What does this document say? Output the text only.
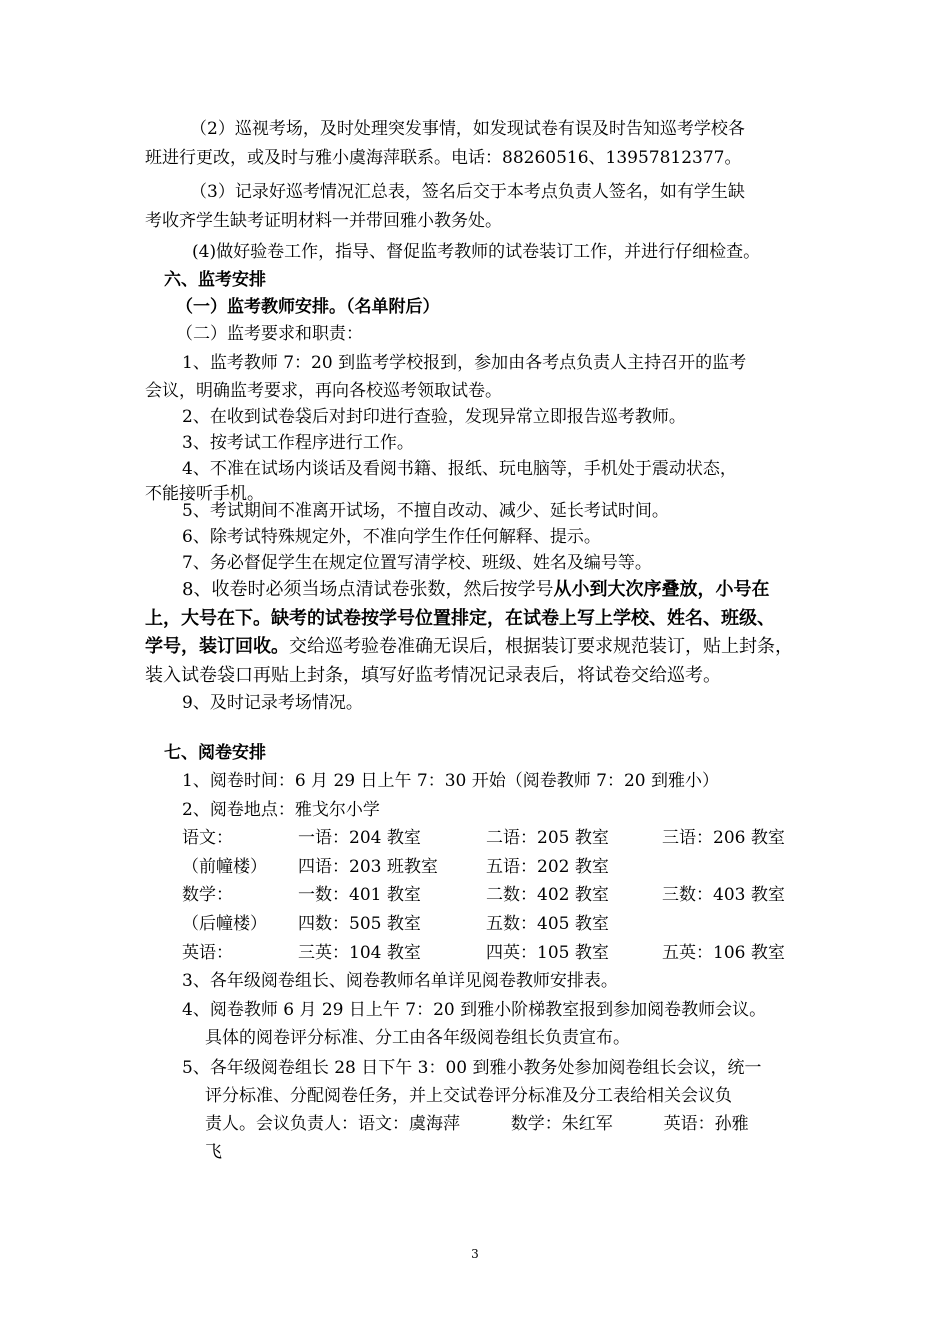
（2）巡视考场，及时处理突发事情，如发现试卷有误及时告知巡考学校各
班进行更改，或及时与雅小虞海萍联系。电话：88260516、13957812377。
（3）记录好巡考情况汇总表，签名后交于本考点负责人签名，如有学生缺
考收齐学生缺考证明材料一并带回雅小教务处。
(4)做好验卷工作，指导、督促监考教师的试卷装订工作，并进行仔细检查。
六、监考安排
（一）监考教师安排。（名单附后）
（二）监考要求和职责：
1、监考教师 7：20 到监考学校报到，参加由各考点负责人主持召开的监考
会议，明确监考要求，再向各校巡考领取试卷。
2、在收到试卷袋后对封印进行查验，发现异常立即报告巡考教师。
3、按考试工作程序进行工作。
4、不准在试场内谈话及看阅书籍、报纸、玩电脑等，手机处于震动状态，
不能接听手机。
5、考试期间不准离开试场，不擅自改动、减少、延长考试时间。
6、除考试特殊规定外，不准向学生作任何解释、提示。
7、务必督促学生在规定位置写清学校、班级、姓名及编号等。
8、收卷时必须当场点清试卷张数，然后按学号从小到大次序叠放，小号在
上，大号在下。缺考的试卷按学号位置排定，在试卷上写上学校、姓名、班级、
学号，装订回收。交给巡考验卷准确无误后，根据装订要求规范装订，贴上封条，
装入试卷袋口再贴上封条，填写好监考情况记录表后，将试卷交给巡考。
9、及时记录考场情况。
七、阅卷安排
1、阅卷时间：6 月 29 日上午 7：30 开始（阅卷教师 7：20 到雅小）
2、阅卷地点：雅戈尔小学
语文：	一语：204 教室	二语：205 教室	三语：206 教室
（前幢楼） 四语：203 班教室	五语：202 教室
数学：	一数：401 教室	二数：402 教室	三数：403 教室
（后幢楼） 四数：505 教室	五数：405 教室
英语：	三英：104 教室	四英：105 教室	五英：106 教室
3、各年级阅卷组长、阅卷教师名单详见阅卷教师安排表。
4、阅卷教师 6 月 29 日上午 7：20 到雅小阶梯教室报到参加阅卷教师会议。
具体的阅卷评分标准、分工由各年级阅卷组长负责宣布。
5、各年级阅卷组长 28 日下午 3：00 到雅小教务处参加阅卷组长会议，统一
评分标准、分配阅卷任务，并上交试卷评分标准及分工表给相关会议负
责人。会议负责人：语文：虞海萍	数学：朱红军	英语：孙雅
飞
3
